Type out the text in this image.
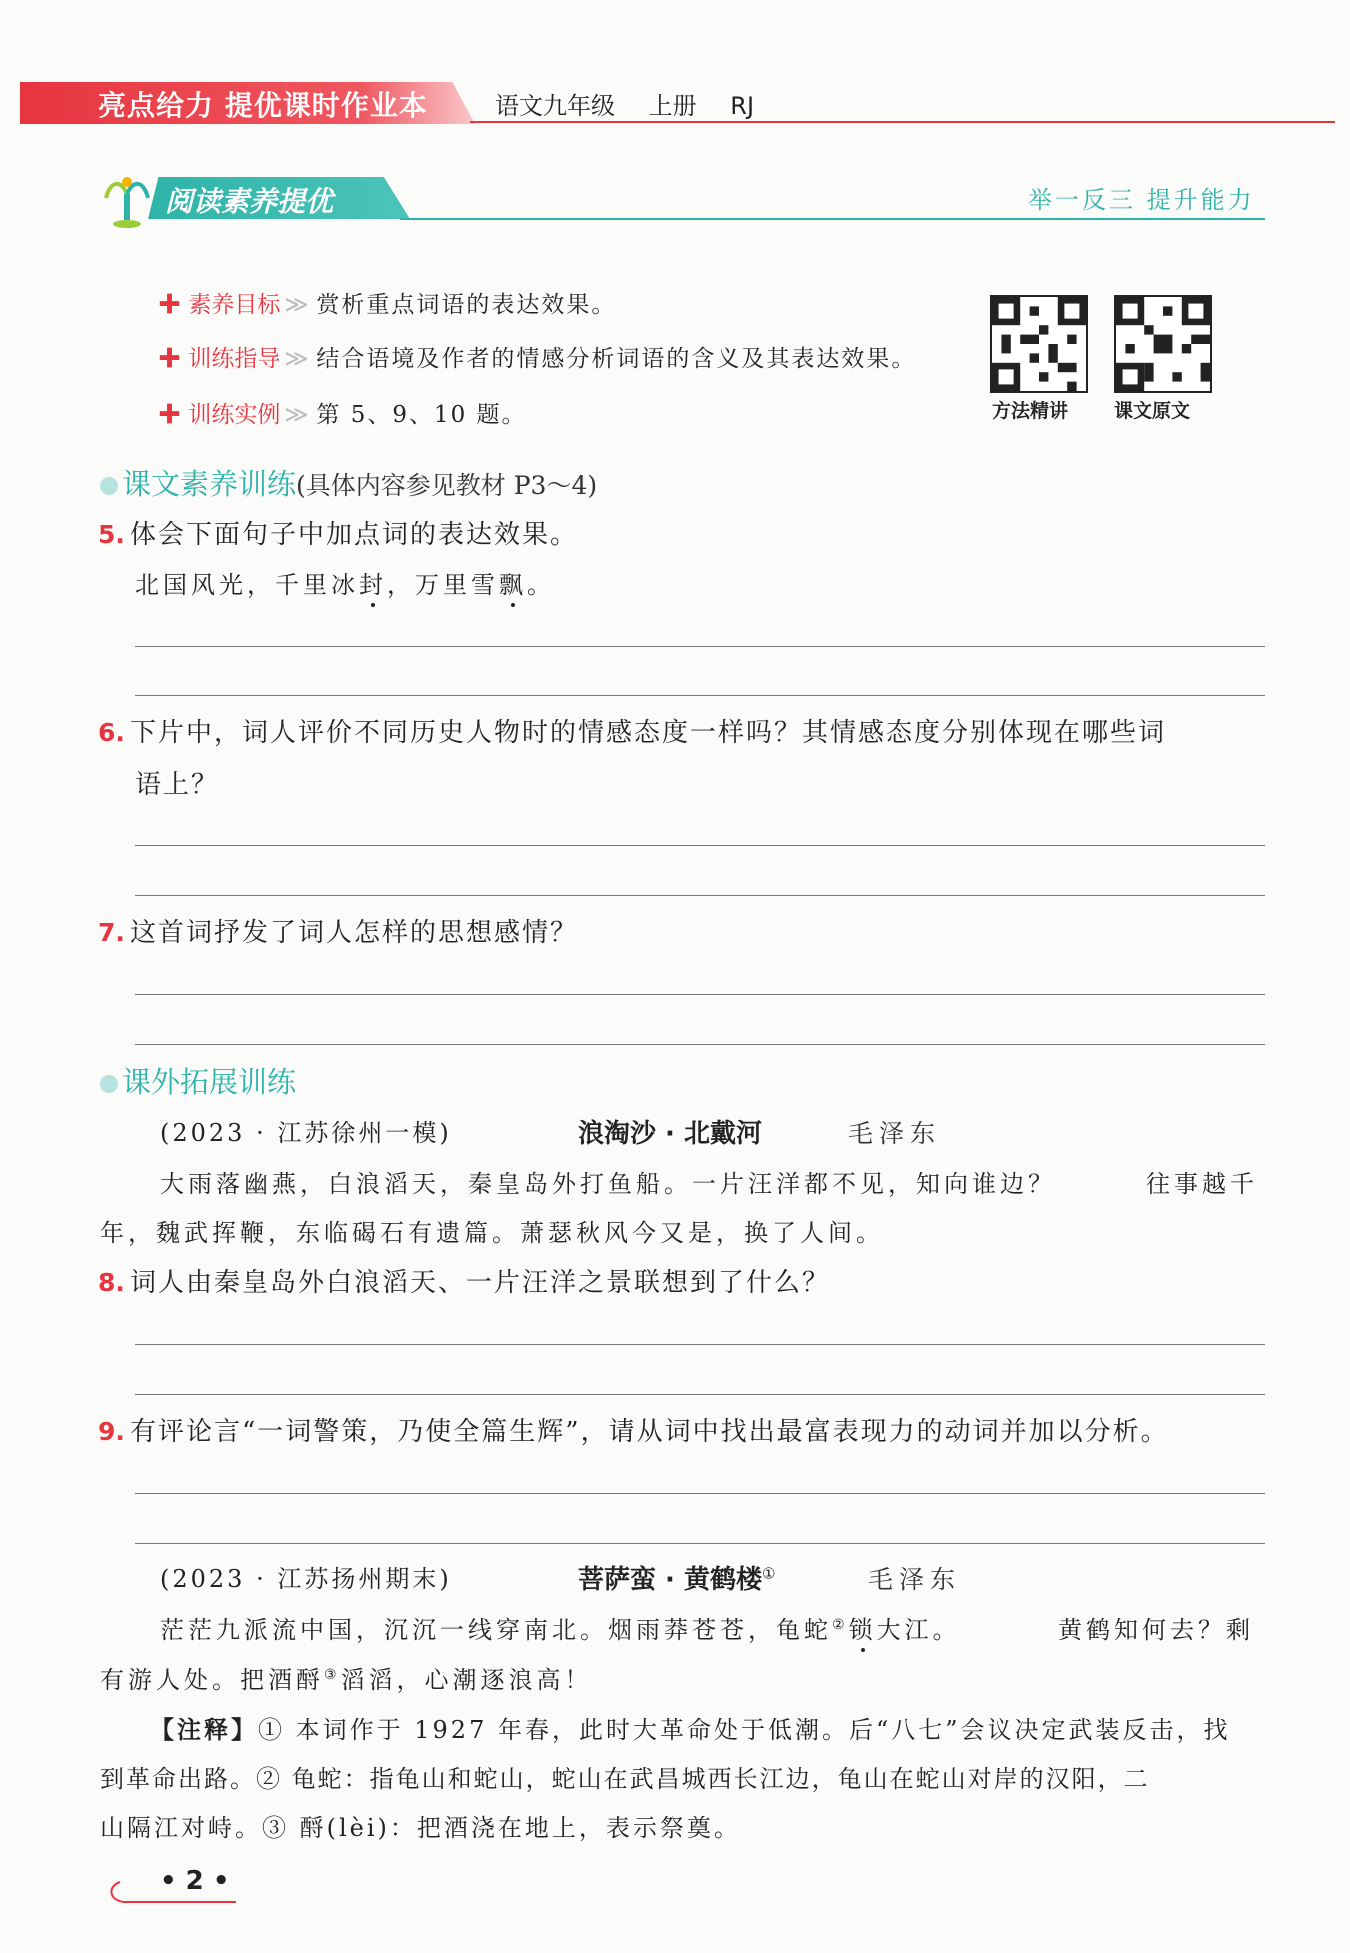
亮点给力 提优课时作业本	语文九年级 上册 RJ
阅读素养提优	举一反三 提升能力
✚ 素养目标 ≫ 赏析重点词语的表达效果。
✚ 训练指导 ≫ 结合语境及作者的情感分析词语的含义及其表达效果。
✚ 训练实例 ≫ 第 5、9、10 题。	方法精讲 课文原文
课文素养训练(具体内容参见教材 P3～4)
5. 体会下面句子中加点词的表达效果。
北国风光，千里冰封，万里雪飘。
6. 下片中，词人评价不同历史人物时的情感态度一样吗？其情感态度分别体现在哪些词
语上？
7. 这首词抒发了词人怎样的思想感情？
课外拓展训练
(2023 · 江苏徐州一模)	浪淘沙 · 北戴河	毛泽东
大雨落幽燕，白浪滔天，秦皇岛外打鱼船。一片汪洋都不见，知向谁边？	往事越千
年，魏武挥鞭，东临碣石有遗篇。萧瑟秋风今又是，换了人间。
8. 词人由秦皇岛外白浪滔天、一片汪洋之景联想到了什么？
9. 有评论言“一词警策，乃使全篇生辉”，请从词中找出最富表现力的动词并加以分析。
(2023 · 江苏扬州期末)	菩萨蛮 · 黄鹤楼①	毛泽东
茫茫九派流中国，沉沉一线穿南北。烟雨莽苍苍，龟蛇②锁大江。	黄鹤知何去？剩
有游人处。把酒酹③滔滔，心潮逐浪高！
【注释】① 本词作于 1927 年春，此时大革命处于低潮。后“八七”会议决定武装反击，找
到革命出路。② 龟蛇：指龟山和蛇山，蛇山在武昌城西长江边，龟山在蛇山对岸的汉阳，二
山隔江对峙。③ 酹(lèi)：把酒浇在地上，表示祭奠。
• 2 •
